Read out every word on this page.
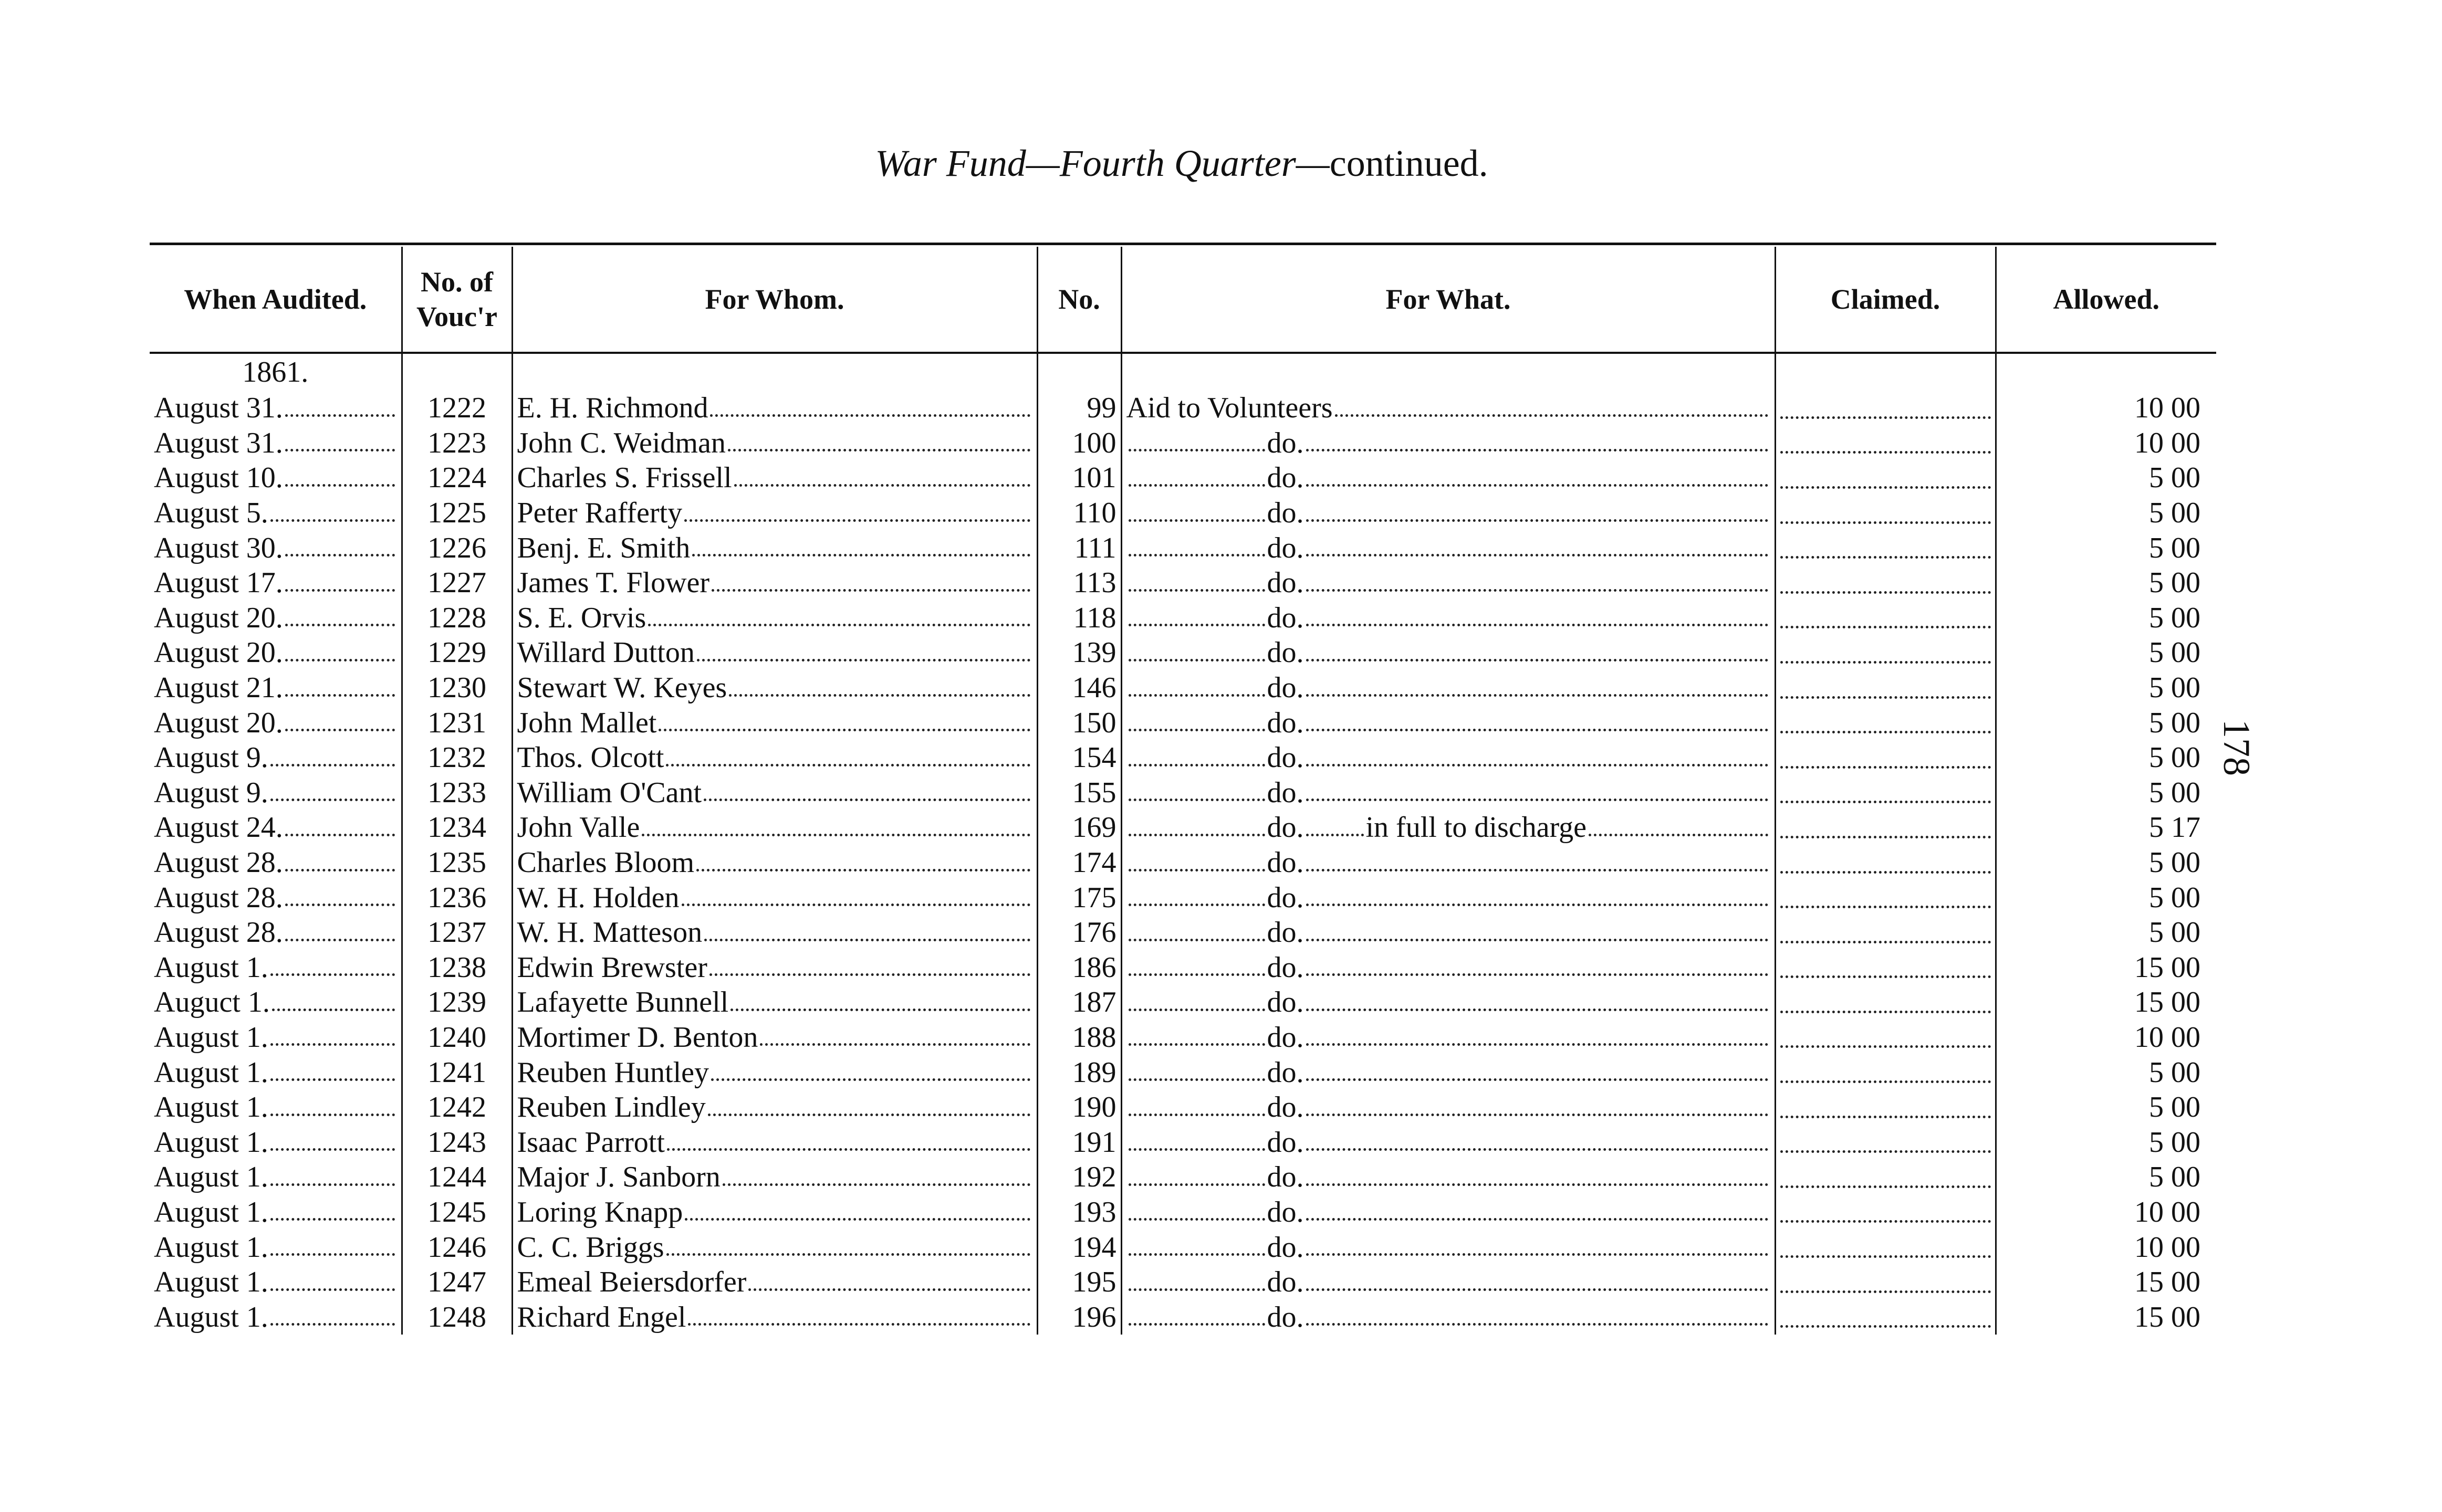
War Fund—Fourth Quarter—continued.
178
When Audited.	No. of Vouc'r	For Whom.	No.	For What.	Claimed.	Allowed.
1861.						

August 31.	1222	E. H. Richmond	99	Aid to Volunteers		10 00

August 31.	1223	John C. Weidman	100	do.		10 00

August 10.	1224	Charles S. Frissell	101	do.		5 00

August 5.	1225	Peter Rafferty	110	do.		5 00

August 30.	1226	Benj. E. Smith	111	do.		5 00

August 17.	1227	James T. Flower	113	do.		5 00

August 20.	1228	S. E. Orvis	118	do.		5 00

August 20.	1229	Willard Dutton	139	do.		5 00

August 21.	1230	Stewart W. Keyes	146	do.		5 00

August 20.	1231	John Mallet	150	do.		5 00

August 9.	1232	Thos. Olcott	154	do.		5 00

August 9.	1233	William O'Cant	155	do.		5 00

August 24.	1234	John Valle	169	do. in full to discharge		5 17

August 28.	1235	Charles Bloom	174	do.		5 00

August 28.	1236	W. H. Holden	175	do.		5 00

August 28.	1237	W. H. Matteson	176	do.		5 00

August 1.	1238	Edwin Brewster	186	do.		15 00

Auguct 1.	1239	Lafayette Bunnell	187	do.		15 00

August 1.	1240	Mortimer D. Benton	188	do.		10 00

August 1.	1241	Reuben Huntley	189	do.		5 00

August 1.	1242	Reuben Lindley	190	do.		5 00

August 1.	1243	Isaac Parrott	191	do.		5 00

August 1.	1244	Major J. Sanborn	192	do.		5 00

August 1.	1245	Loring Knapp	193	do.		10 00

August 1.	1246	C. C. Briggs	194	do.		10 00

August 1.	1247	Emeal Beiersdorfer	195	do.		15 00

August 1.	1248	Richard Engel	196	do.		15 00
